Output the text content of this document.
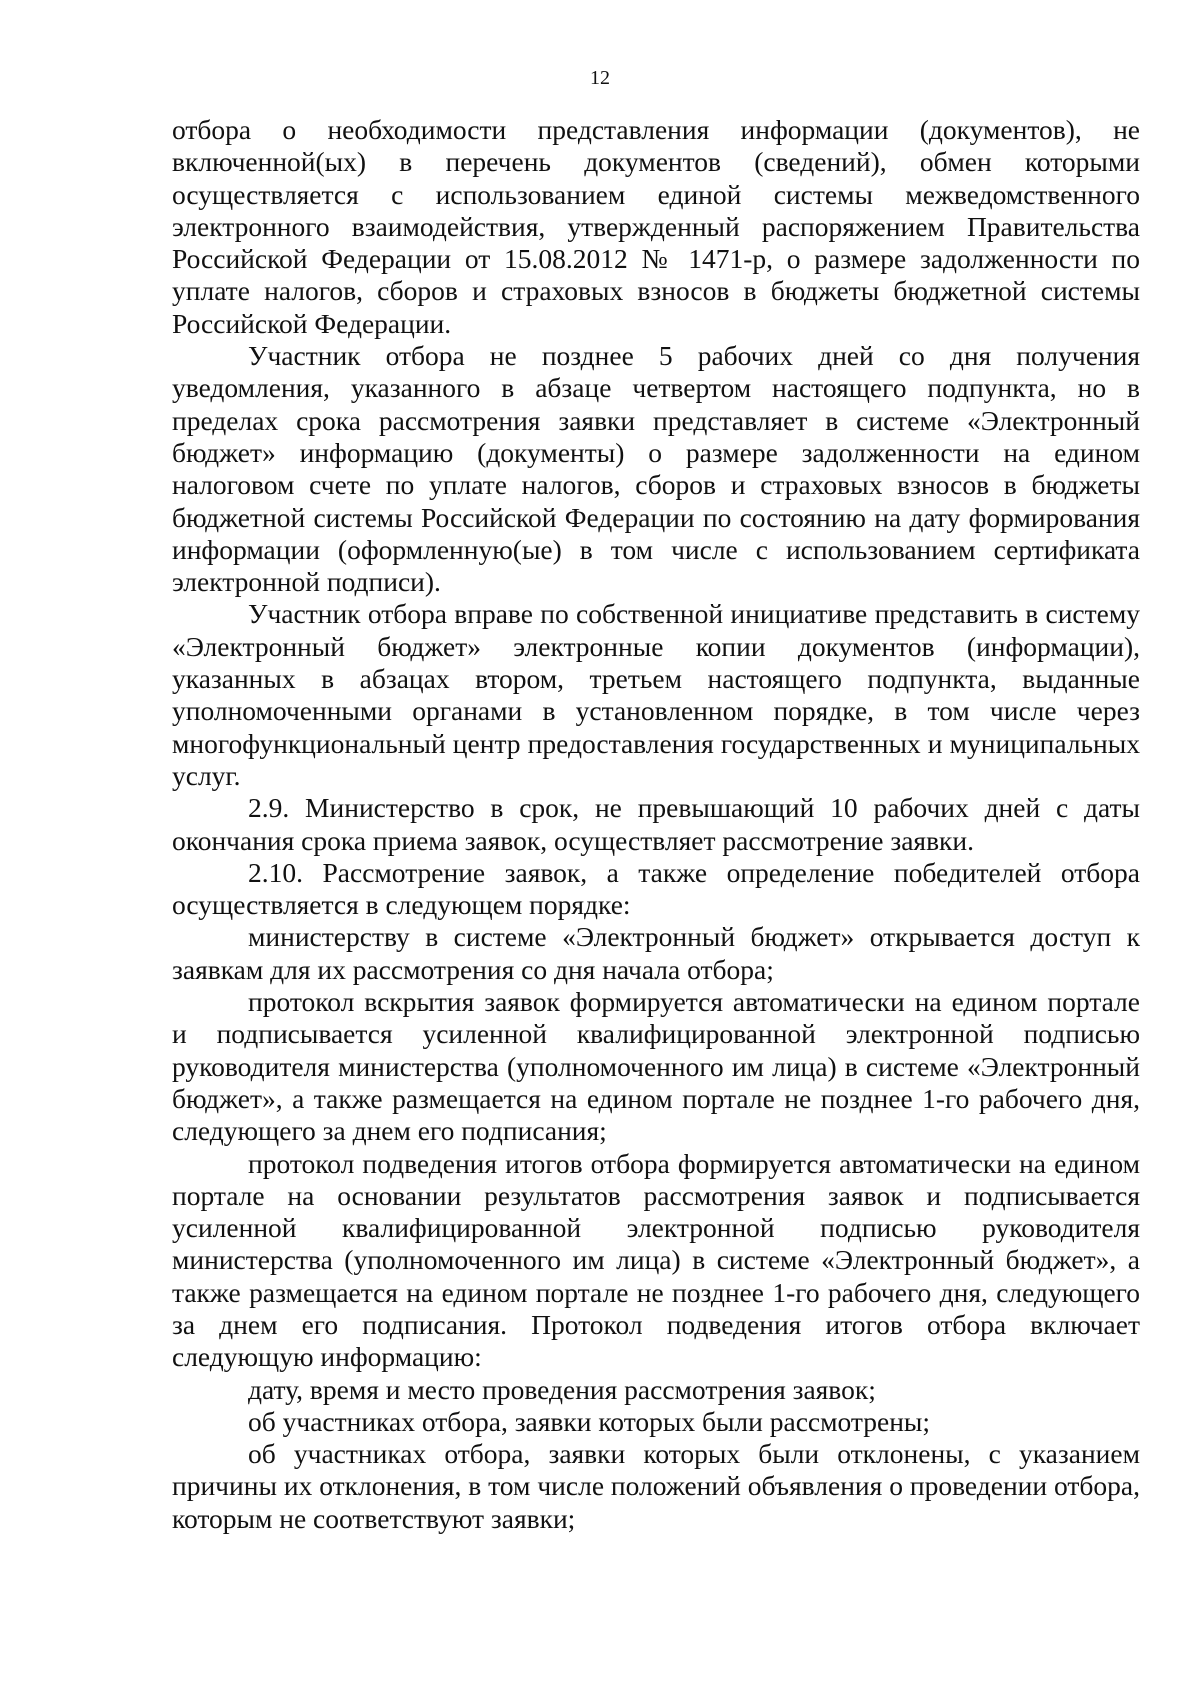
12

отбора о необходимости представления информации (документов), не включенной(ых) в перечень документов (сведений), обмен которыми осуществляется с использованием единой системы межведомственного электронного взаимодействия, утвержденный распоряжением Правительства Российской Федерации от 15.08.2012 № 1471-р, о размере задолженности по уплате налогов, сборов и страховых взносов в бюджеты бюджетной системы Российской Федерации.

Участник отбора не позднее 5 рабочих дней со дня получения уведомления, указанного в абзаце четвертом настоящего подпункта, но в пределах срока рассмотрения заявки представляет в системе «Электронный бюджет» информацию (документы) о размере задолженности на едином налоговом счете по уплате налогов, сборов и страховых взносов в бюджеты бюджетной системы Российской Федерации по состоянию на дату формирования информации (оформленную(ые) в том числе с использованием сертификата электронной подписи).

Участник отбора вправе по собственной инициативе представить в систему «Электронный бюджет» электронные копии документов (информации), указанных в абзацах втором, третьем настоящего подпункта, выданные уполномоченными органами в установленном порядке, в том числе через многофункциональный центр предоставления государственных и муниципальных услуг.

2.9. Министерство в срок, не превышающий 10 рабочих дней с даты окончания срока приема заявок, осуществляет рассмотрение заявки.

2.10. Рассмотрение заявок, а также определение победителей отбора осуществляется в следующем порядке:

министерству в системе «Электронный бюджет» открывается доступ к заявкам для их рассмотрения со дня начала отбора;

протокол вскрытия заявок формируется автоматически на едином портале и подписывается усиленной квалифицированной электронной подписью руководителя министерства (уполномоченного им лица) в системе «Электронный бюджет», а также размещается на едином портале не позднее 1-го рабочего дня, следующего за днем его подписания;

протокол подведения итогов отбора формируется автоматически на едином портале на основании результатов рассмотрения заявок и подписывается усиленной квалифицированной электронной подписью руководителя министерства (уполномоченного им лица) в системе «Электронный бюджет», а также размещается на едином портале не позднее 1-го рабочего дня, следующего за днем его подписания. Протокол подведения итогов отбора включает следующую информацию:

дату, время и место проведения рассмотрения заявок;

об участниках отбора, заявки которых были рассмотрены;

об участниках отбора, заявки которых были отклонены, с указанием причины их отклонения, в том числе положений объявления о проведении отбора, которым не соответствуют заявки;
